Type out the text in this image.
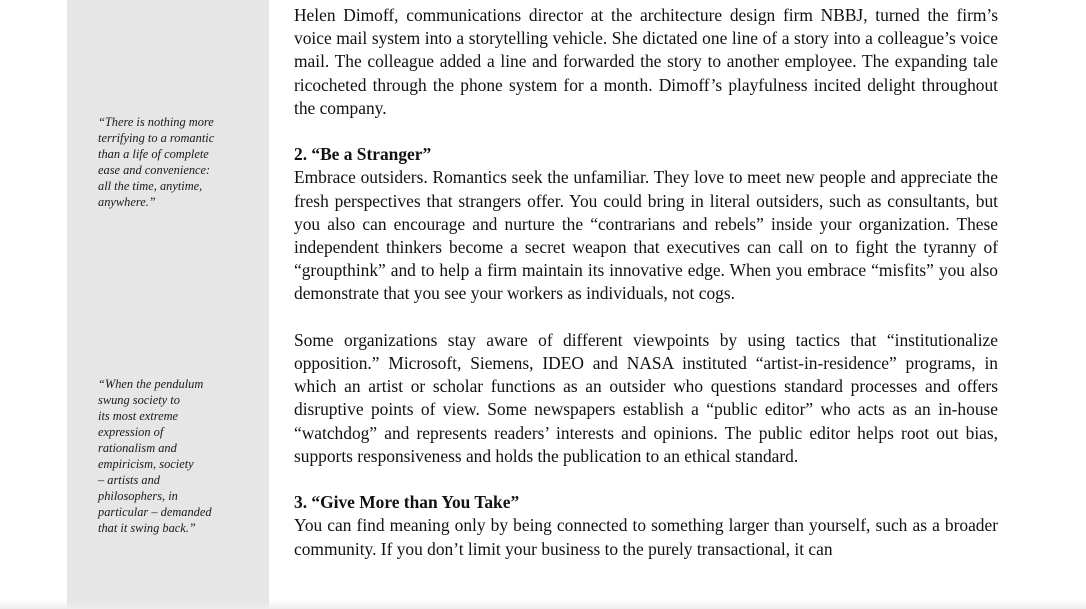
“There is nothing more
terrifying to a romantic
than a life of complete
ease and convenience:
all the time, anytime,
anywhere.”
“When the pendulum
swung society to
its most extreme
expression of
rationalism and
empiricism, society
– artists and
philosophers, in
particular – demanded
that it swing back.”

Helen Dimoff, communications director at the architecture design firm NBBJ, turned the firm’s voice mail system into a storytelling vehicle. She dictated one line of a story into a colleague’s voice mail. The colleague added a line and forwarded the story to another employee. The expanding tale ricocheted through the phone system for a month. Dimoff’s playfulness incited delight throughout the company.

2. “Be a Stranger”

Embrace outsiders. Romantics seek the unfamiliar. They love to meet new people and appreciate the fresh perspectives that strangers offer. You could bring in literal outsiders, such as consultants, but you also can encourage and nurture the “contrarians and rebels” inside your organization. These independent thinkers become a secret weapon that executives can call on to fight the tyranny of “groupthink” and to help a firm maintain its innovative edge. When you embrace “misfits” you also demonstrate that you see your workers as individuals, not cogs.

Some organizations stay aware of different viewpoints by using tactics that “institutionalize opposition.” Microsoft, Siemens, IDEO and NASA instituted “artist-in-residence” programs, in which an artist or scholar functions as an outsider who questions standard processes and offers disruptive points of view. Some newspapers establish a “public editor” who acts as an in-house “watchdog” and represents readers’ interests and opinions. The public editor helps root out bias, supports responsiveness and holds the publication to an ethical standard.

3. “Give More than You Take”

You can find meaning only by being connected to something larger than yourself, such as a broader community. If you don’t limit your business to the purely transactional, it can
